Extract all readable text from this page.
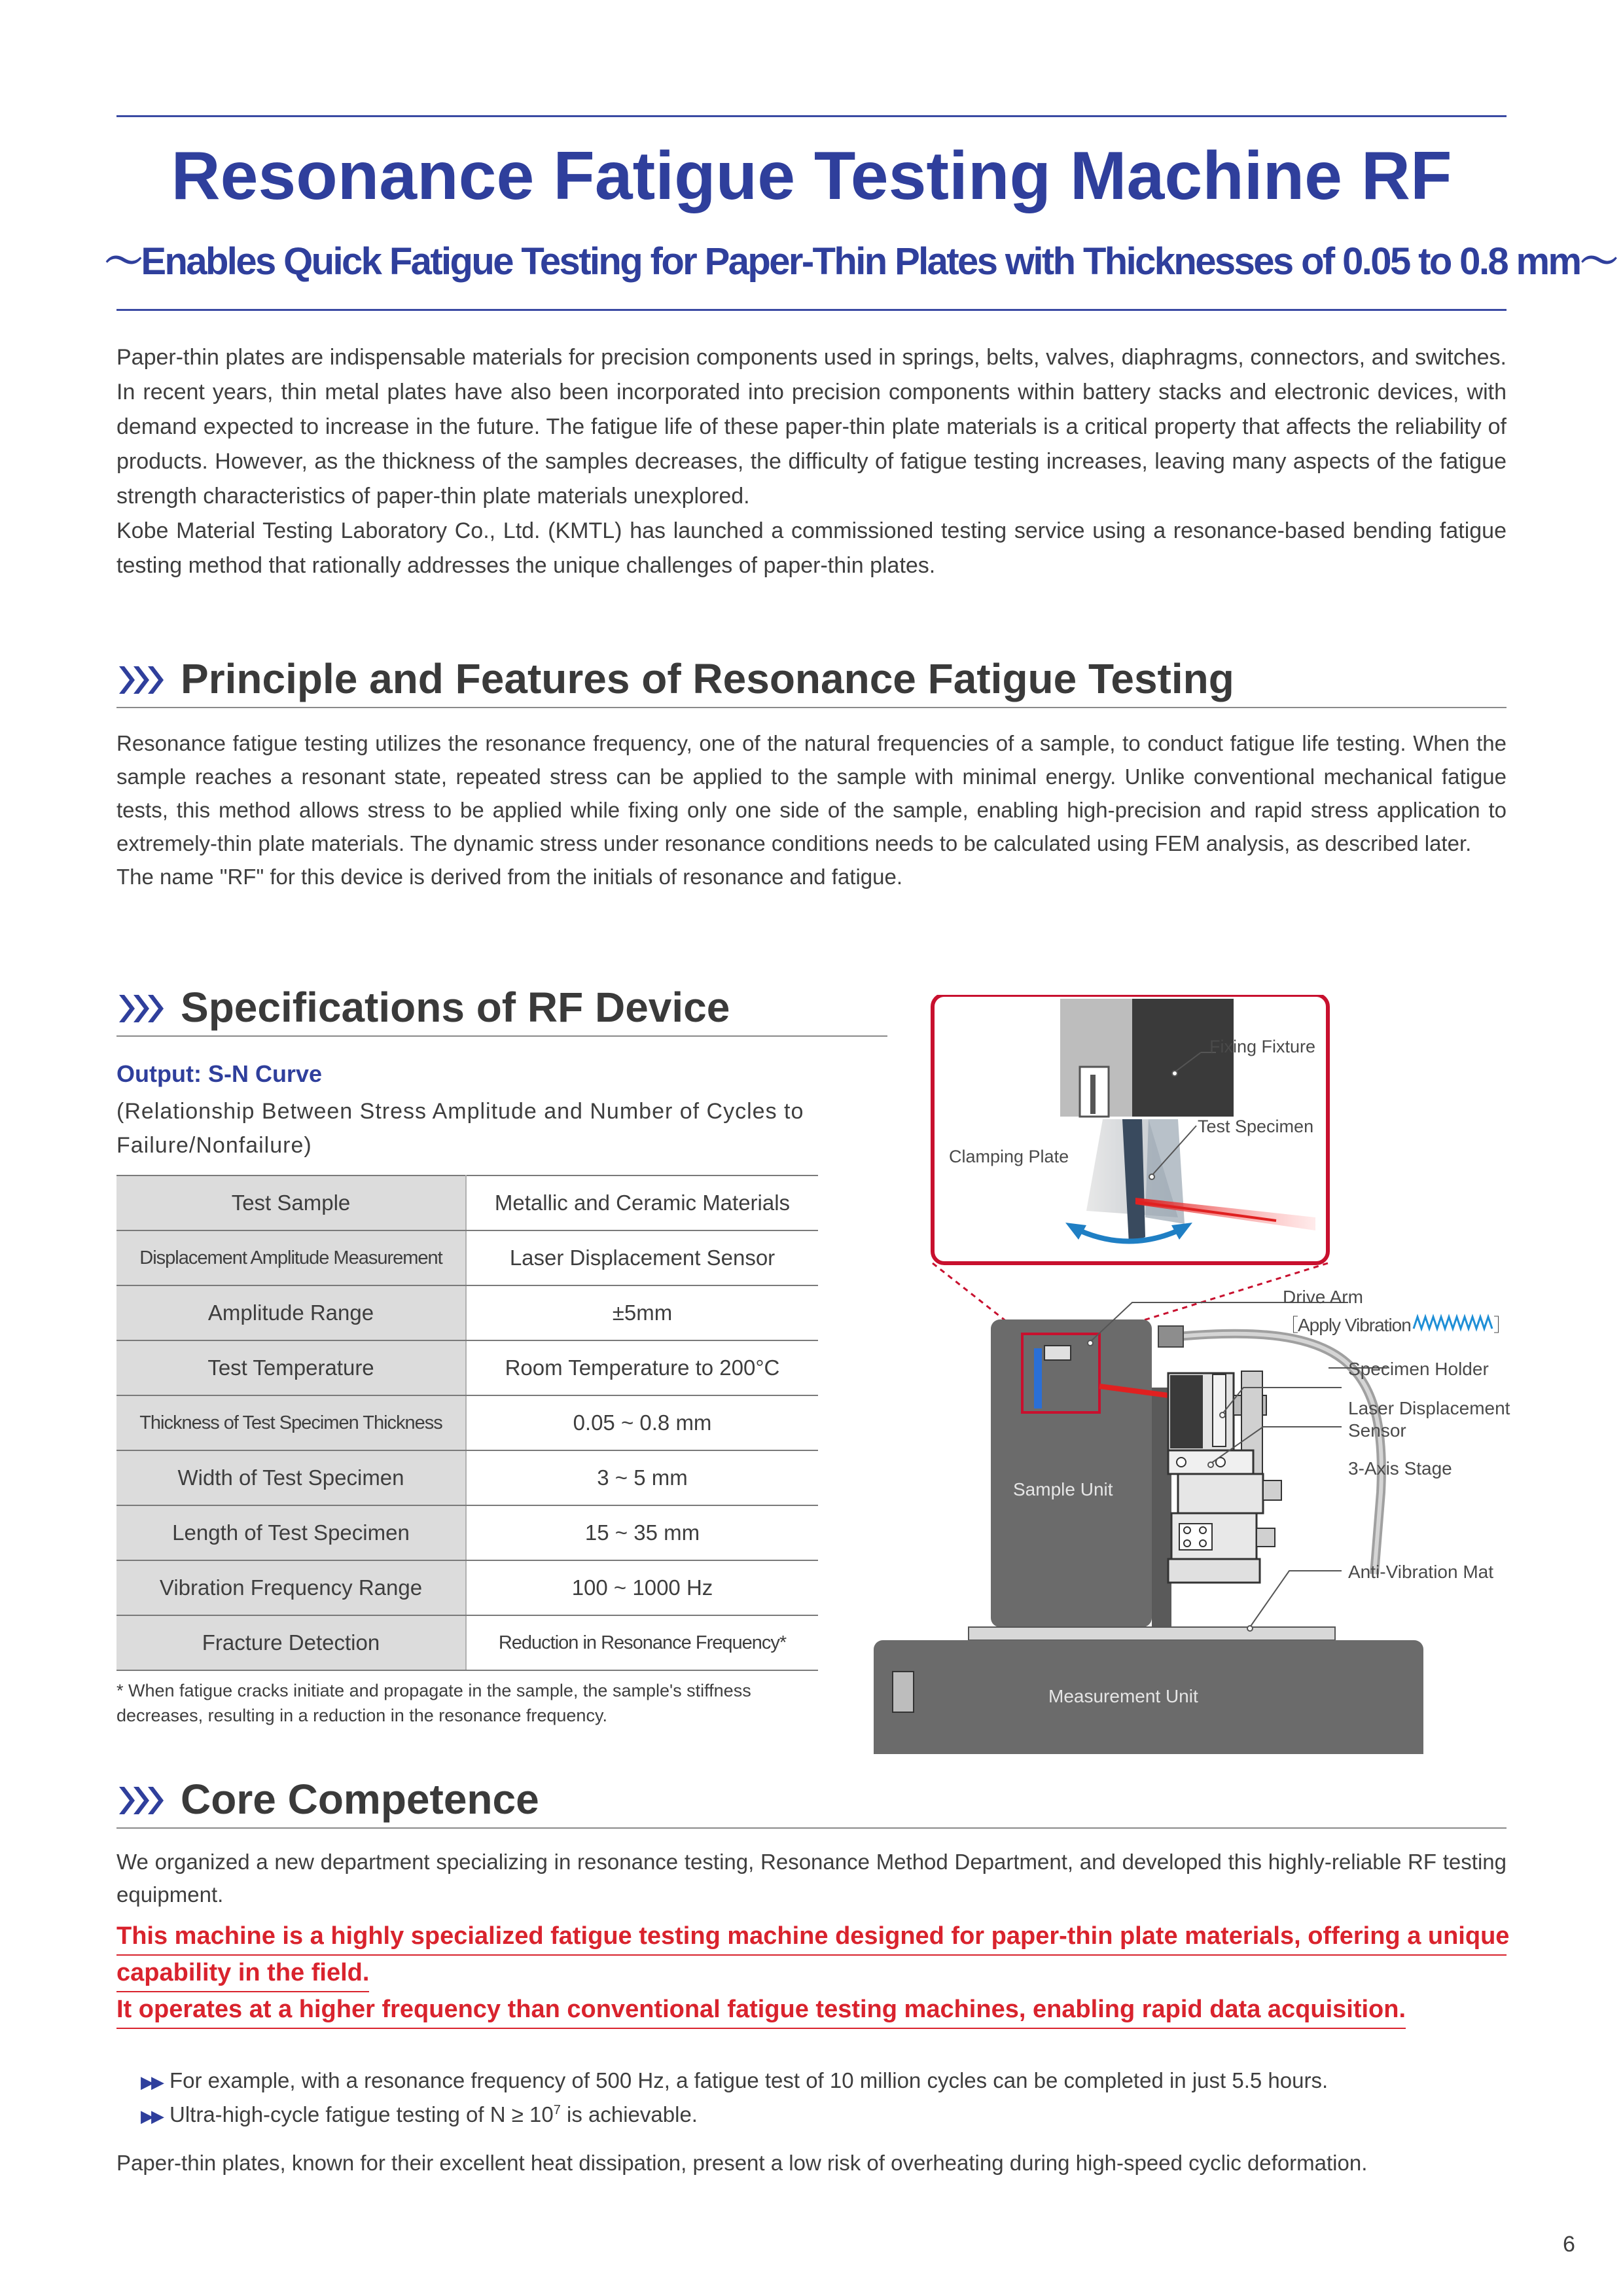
Resonance Fatigue Testing Machine RF
～Enables Quick Fatigue Testing for Paper-Thin Plates with Thicknesses of 0.05 to 0.8 mm～

Paper-thin plates are indispensable materials for precision components used in springs, belts, valves, diaphragms, connectors, and switches. In recent years, thin metal plates have also been incorporated into precision components within battery stacks and electronic devices, with demand expected to increase in the future. The fatigue life of these paper-thin plate materials is a critical property that affects the reliability of products. However, as the thickness of the samples decreases, the difficulty of fatigue testing increases, leaving many aspects of the fatigue strength characteristics of paper-thin plate materials unexplored.

Kobe Material Testing Laboratory Co., Ltd. (KMTL) has launched a commissioned testing service using a resonance-based bending fatigue testing method that rationally addresses the unique challenges of paper-thin plates.

Principle and Features of Resonance Fatigue Testing

Resonance fatigue testing utilizes the resonance frequency, one of the natural frequencies of a sample, to conduct fatigue life testing. When the sample reaches a resonant state, repeated stress can be applied to the sample with minimal energy. Unlike conventional mechanical fatigue tests, this method allows stress to be applied while fixing only one side of the sample, enabling high-precision and rapid stress application to extremely-thin plate materials. The dynamic stress under resonance conditions needs to be calculated using FEM analysis, as described later.

The name "RF" for this device is derived from the initials of resonance and fatigue.

Specifications of RF Device
Output: S-N Curve
(Relationship Between Stress Amplitude and Number of Cycles to Failure/Nonfailure)
Test Sample	Metallic and Ceramic Materials
Displacement Amplitude Measurement	Laser Displacement Sensor
Amplitude Range	±5mm
Test Temperature	Room Temperature to 200°C
Thickness of Test Specimen Thickness	0.05 ~ 0.8 mm
Width of Test Specimen	3 ~ 5 mm
Length of Test Specimen	15 ~ 35 mm
Vibration Frequency Range	100 ~ 1000 Hz
Fracture Detection	Reduction in Resonance Frequency*
* When fatigue cracks initiate and propagate in the sample, the sample's stiffness decreases, resulting in a reduction in the resonance frequency.
Fixing Fixture
Test Specimen
Clamping Plate
Drive Arm
［Apply Vibration	］
Specimen Holder
Laser Displacement
Sensor
3-Axis Stage
Sample Unit
Anti-Vibration Mat
Measurement Unit
Core Competence
We organized a new department specializing in resonance testing, Resonance Method Department, and developed this highly-reliable RF testing equipment.
This machine is a highly specialized fatigue testing machine designed for paper-thin plate materials, offering a unique
capability in the field.
It operates at a higher frequency than conventional fatigue testing machines, enabling rapid data acquisition.
▶▶ For example, with a resonance frequency of 500 Hz, a fatigue test of 10 million cycles can be completed in just 5.5 hours.
▶▶ Ultra-high-cycle fatigue testing of $N \ge 10^7$ is achievable.
Paper-thin plates, known for their excellent heat dissipation, present a low risk of overheating during high-speed cyclic deformation.
6
